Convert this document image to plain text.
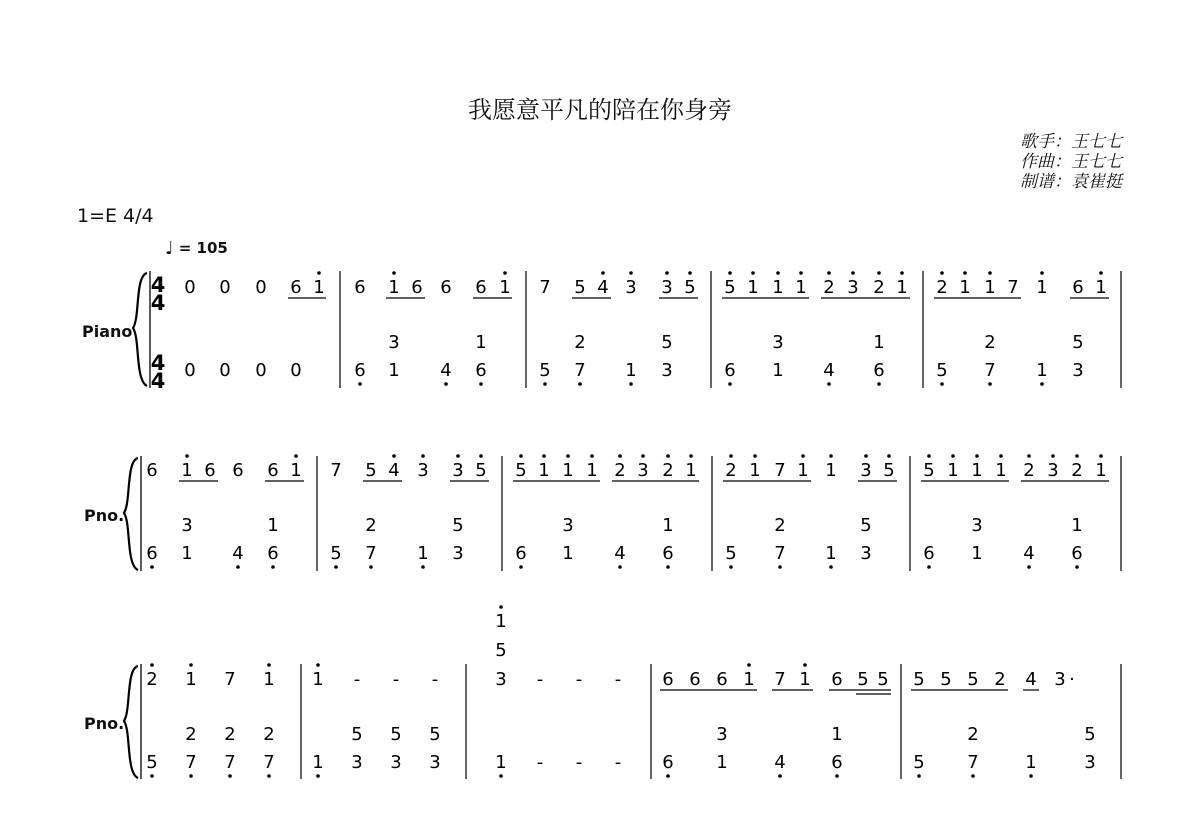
我愿意平凡的陪在你身旁
歌手：王七七
作曲：王七七
制谱：袁崔挺
1=E 4/4
♩ = 105
Piano
Pno.
Pno.
4
4
4
4
0 0 0 6 1
0 0 0 0
6 1 6 6 6 1
6
3
1 4
1
6
7 5 4 3 3 5
5
2
7 1
5
3
5 1 1 1 2 3 2 1
6
3
1 4
1
6
2 1 1 7 1 6 1
5
2
7 1
5
3
6 1 6 6 6 1
6
3
1 4
1
6
7 5 4 3 3 5
5
2
7 1
5
3
5 1 1 1 2 3 2 1
6
3
1 4
1
6
2 1 7 1 1 3 5
5
2
7 1
5
3
5 1 1 1 2 3 2 1
6
3
1 4
1
6
2 1 7 1
5
2
7
2
7
2
7
1 - - -
1
5
3
5
3
5
3
1
5
3 - - -
1 - - -
6 6 6 1 7 1 6 5 5
6
3
1	4
1
6
5 5 5 2 4 3 ·
5
2
7	1
5
3
